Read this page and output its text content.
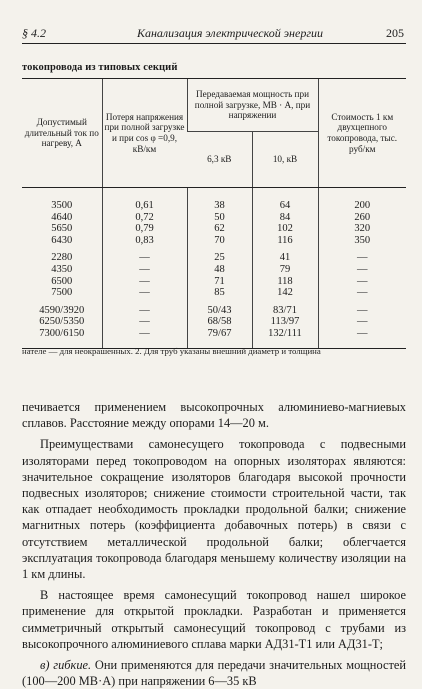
§ 4.2	Канализация электрической энергии	205
токопровода из типовых секций
Допустимый длительный ток по нагреву, А	Потеря напряжения при полной загрузке и при cos φ =0,9, кВ/км	Передаваемая мощность при полной загрузке, МВ · А, при напряжении		Стоимость 1 км двухцепного токопровода, тыс. руб/км
		6,3 кВ	10, кВ	

3500	0,61	38	64	200
4640	0,72	50	84	260
5650	0,79	62	102	320
6430	0,83	70	116	350

2280	—	25	41	—
4350	—	48	79	—
6500	—	71	118	—
7500	—	85	142	—

4590/3920	—	50/43	83/71	—
6250/5350	—	68/58	113/97	—
7300/6150	—	79/67	132/111	—

нателе — для неокрашенных. 2. Для труб указаны внешний диаметр и толщина

печивается применением высокопрочных алюминиево-магниевых сплавов. Расстояние между опорами 14—20 м.

Преимуществами самонесущего токопровода с подвесными изоляторами перед токопроводом на опорных изоляторах являются: значительное сокращение изоляторов благодаря высокой прочности подвесных изоляторов; снижение стоимости строительной части, так как отпадает необходимость прокладки продольной балки; снижение магнитных потерь (коэффициента добавочных потерь) в связи с отсутствием металлической продольной балки; облегчается эксплуатация токопровода благодаря меньшему количеству изоляции на 1 км длины.

В настоящее время самонесущий токопровод нашел широкое применение для открытой прокладки. Разработан и применяется симметричный открытый самонесущий токопровод с трубами из высокопрочного алюминиевого сплава марки АД31-Т1 или АД31-Т;

в) гибкие. Они применяются для передачи значительных мощностей (100—200 МВ·А) при напряжении 6—35 кВ
